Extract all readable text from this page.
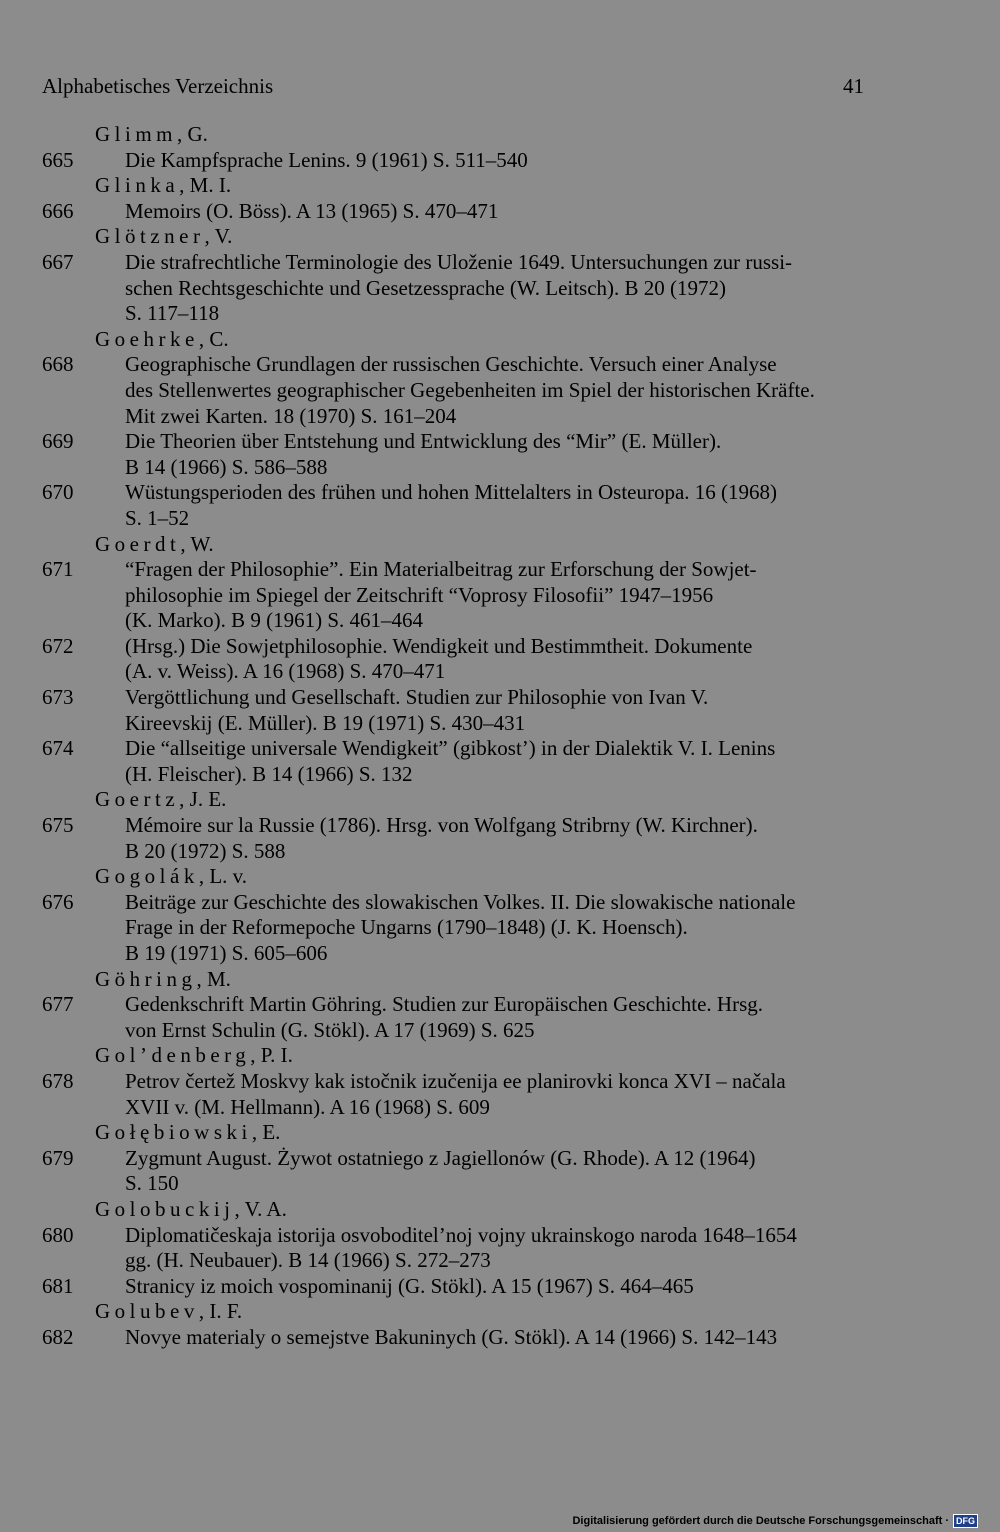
Alphabetisches Verzeichnis	41
Glimm, G.
665	Die Kampfsprache Lenins. 9 (1961) S. 511–540
Glinka, M. I.
666	Memoirs (O. Böss). A 13 (1965) S. 470–471
Glötzner, V.
667	Die strafrechtliche Terminologie des Uloženie 1649. Untersuchungen zur russi-
schen Rechtsgeschichte und Gesetzessprache (W. Leitsch). B 20 (1972)
S. 117–118
Goehrke, C.
668	Geographische Grundlagen der russischen Geschichte. Versuch einer Analyse
des Stellenwertes geographischer Gegebenheiten im Spiel der historischen Kräfte.
Mit zwei Karten. 18 (1970) S. 161–204
669	Die Theorien über Entstehung und Entwicklung des “Mir” (E. Müller).
B 14 (1966) S. 586–588
670	Wüstungsperioden des frühen und hohen Mittelalters in Osteuropa. 16 (1968)
S. 1–52
Goerdt, W.
671	“Fragen der Philosophie”. Ein Materialbeitrag zur Erforschung der Sowjet-
philosophie im Spiegel der Zeitschrift “Voprosy Filosofii” 1947–1956
(K. Marko). B 9 (1961) S. 461–464
672	(Hrsg.) Die Sowjetphilosophie. Wendigkeit und Bestimmtheit. Dokumente
(A. v. Weiss). A 16 (1968) S. 470–471
673	Vergöttlichung und Gesellschaft. Studien zur Philosophie von Ivan V.
Kireevskij (E. Müller). B 19 (1971) S. 430–431
674	Die “allseitige universale Wendigkeit” (gibkost’) in der Dialektik V. I. Lenins
(H. Fleischer). B 14 (1966) S. 132
Goertz, J. E.
675	Mémoire sur la Russie (1786). Hrsg. von Wolfgang Stribrny (W. Kirchner).
B 20 (1972) S. 588
Gogolák, L. v.
676	Beiträge zur Geschichte des slowakischen Volkes. II. Die slowakische nationale
Frage in der Reformepoche Ungarns (1790–1848) (J. K. Hoensch).
B 19 (1971) S. 605–606
Göhring, M.
677	Gedenkschrift Martin Göhring. Studien zur Europäischen Geschichte. Hrsg.
von Ernst Schulin (G. Stökl). A 17 (1969) S. 625
Gol’denberg, P. I.
678	Petrov čertež Moskvy kak istočnik izučenija ee planirovki konca XVI – načala
XVII v. (M. Hellmann). A 16 (1968) S. 609
Gołębiowski, E.
679	Zygmunt August. Żywot ostatniego z Jagiellonów (G. Rhode). A 12 (1964)
S. 150
Golobuckij, V. A.
680	Diplomatičeskaja istorija osvoboditel’noj vojny ukrainskogo naroda 1648–1654
gg. (H. Neubauer). B 14 (1966) S. 272–273
681	Stranicy iz moich vospominanij (G. Stökl). A 15 (1967) S. 464–465
Golubev, I. F.
682	Novye materialy o semejstve Bakuninych (G. Stökl). A 14 (1966) S. 142–143
Digitalisierung gefördert durch die Deutsche Forschungsgemeinschaft · DFG
